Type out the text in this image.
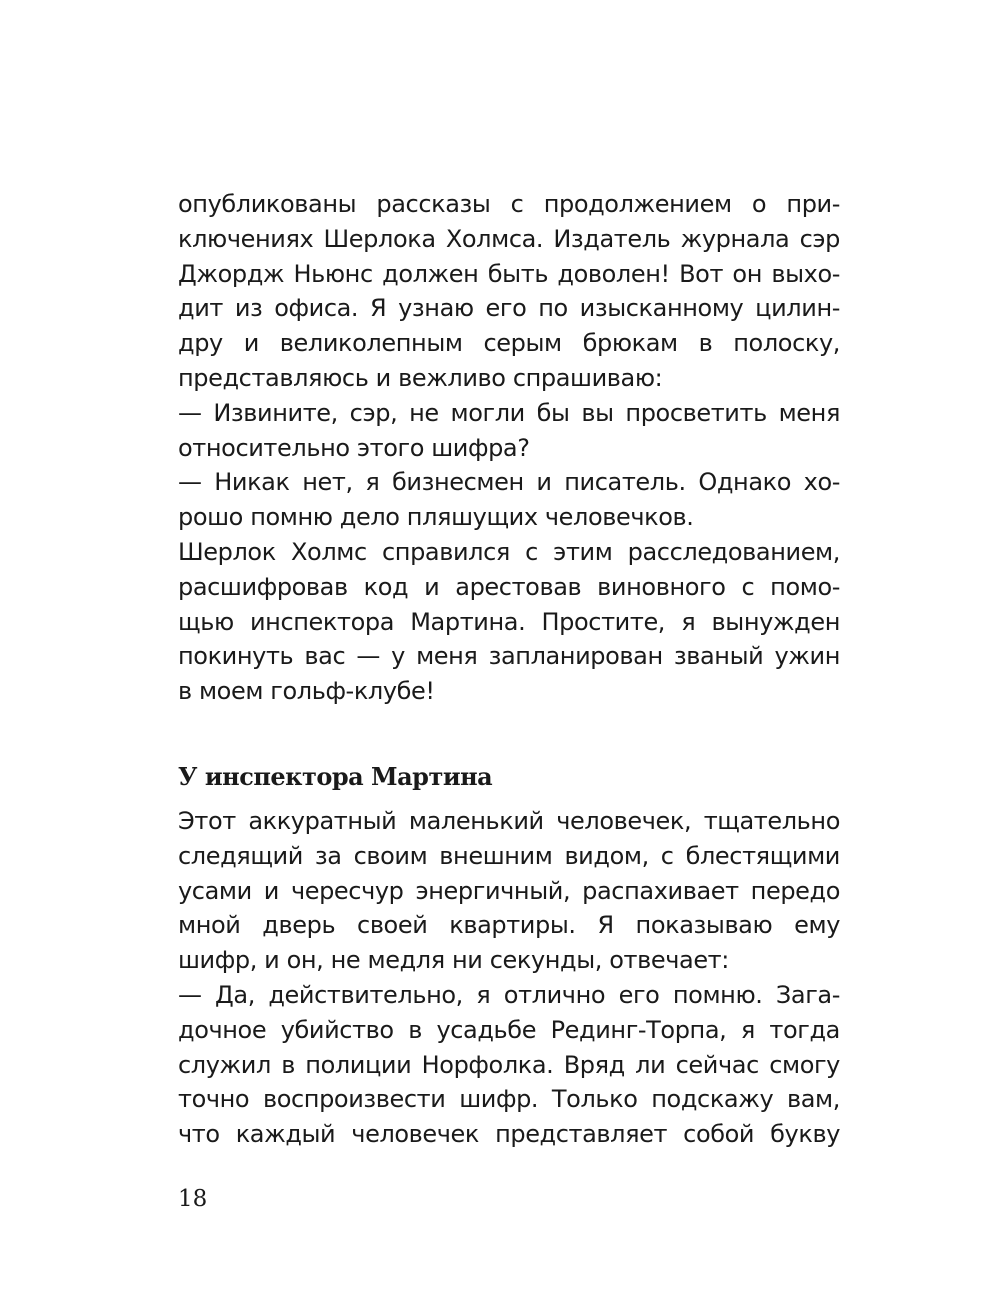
опубликованы рассказы с продолжением о при-
ключениях Шерлока Холмса. Издатель журнала сэр
Джордж Ньюнс должен быть доволен! Вот он выхо-
дит из офиса. Я узнаю его по изысканному цилин-
дру и великолепным серым брюкам в полоску,
представляюсь и вежливо спрашиваю:
— Извините, сэр, не могли бы вы просветить меня
относительно этого шифра?
— Никак нет, я бизнесмен и писатель. Однако хо-
рошо помню дело пляшущих человечков.
Шерлок Холмс справился с этим расследованием,
расшифровав код и арестовав виновного с помо-
щью инспектора Мартина. Простите, я вынужден
покинуть вас — у меня запланирован званый ужин
в моем гольф-клубе!
У инспектора Мартина
Этот аккуратный маленький человечек, тщательно
следящий за своим внешним видом, с блестящими
усами и чересчур энергичный, распахивает передо
мной дверь своей квартиры. Я показываю ему
шифр, и он, не медля ни секунды, отвечает:
— Да, действительно, я отлично его помню. Зага-
дочное убийство в усадьбе Рединг-Торпа, я тогда
служил в полиции Норфолка. Вряд ли сейчас смогу
точно воспроизвести шифр. Только подскажу вам,
что каждый человечек представляет собой букву
18
